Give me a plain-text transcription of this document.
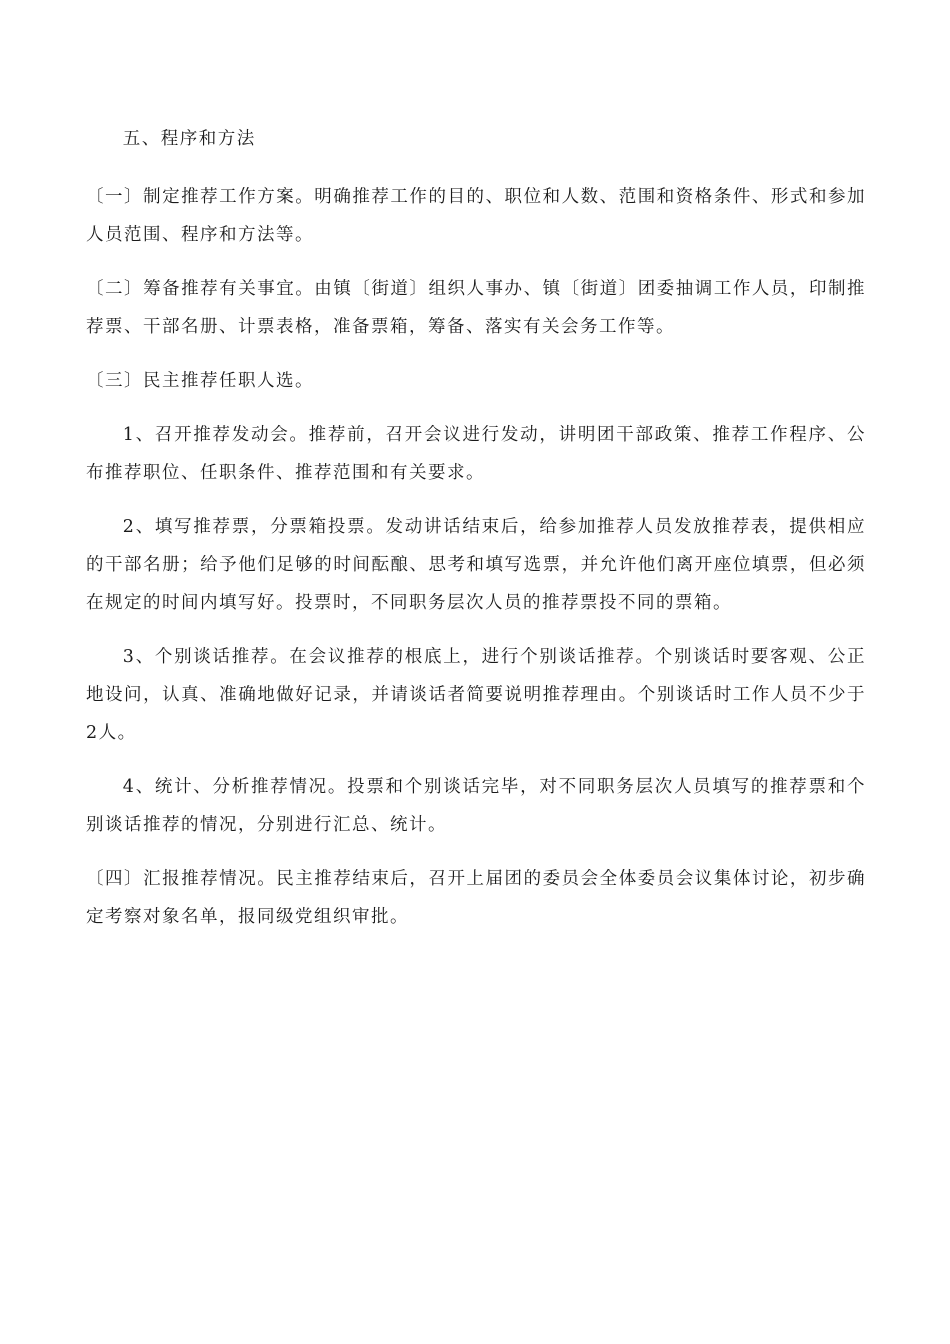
五、程序和方法

〔一〕制定推荐工作方案。明确推荐工作的目的、职位和人数、范围和资格条件、形式和参加人员范围、程序和方法等。

〔二〕筹备推荐有关事宜。由镇〔街道〕组织人事办、镇〔街道〕团委抽调工作人员，印制推荐票、干部名册、计票表格，准备票箱，筹备、落实有关会务工作等。

〔三〕民主推荐任职人选。

1、召开推荐发动会。推荐前，召开会议进行发动，讲明团干部政策、推荐工作程序、公布推荐职位、任职条件、推荐范围和有关要求。

2、填写推荐票，分票箱投票。发动讲话结束后，给参加推荐人员发放推荐表，提供相应的干部名册；给予他们足够的时间酝酿、思考和填写选票，并允许他们离开座位填票，但必须在规定的时间内填写好。投票时，不同职务层次人员的推荐票投不同的票箱。

3、个别谈话推荐。在会议推荐的根底上，进行个别谈话推荐。个别谈话时要客观、公正地设问，认真、准确地做好记录，并请谈话者简要说明推荐理由。个别谈话时工作人员不少于2人。

4、统计、分析推荐情况。投票和个别谈话完毕，对不同职务层次人员填写的推荐票和个别谈话推荐的情况，分别进行汇总、统计。

〔四〕汇报推荐情况。民主推荐结束后，召开上届团的委员会全体委员会议集体讨论，初步确定考察对象名单，报同级党组织审批。
